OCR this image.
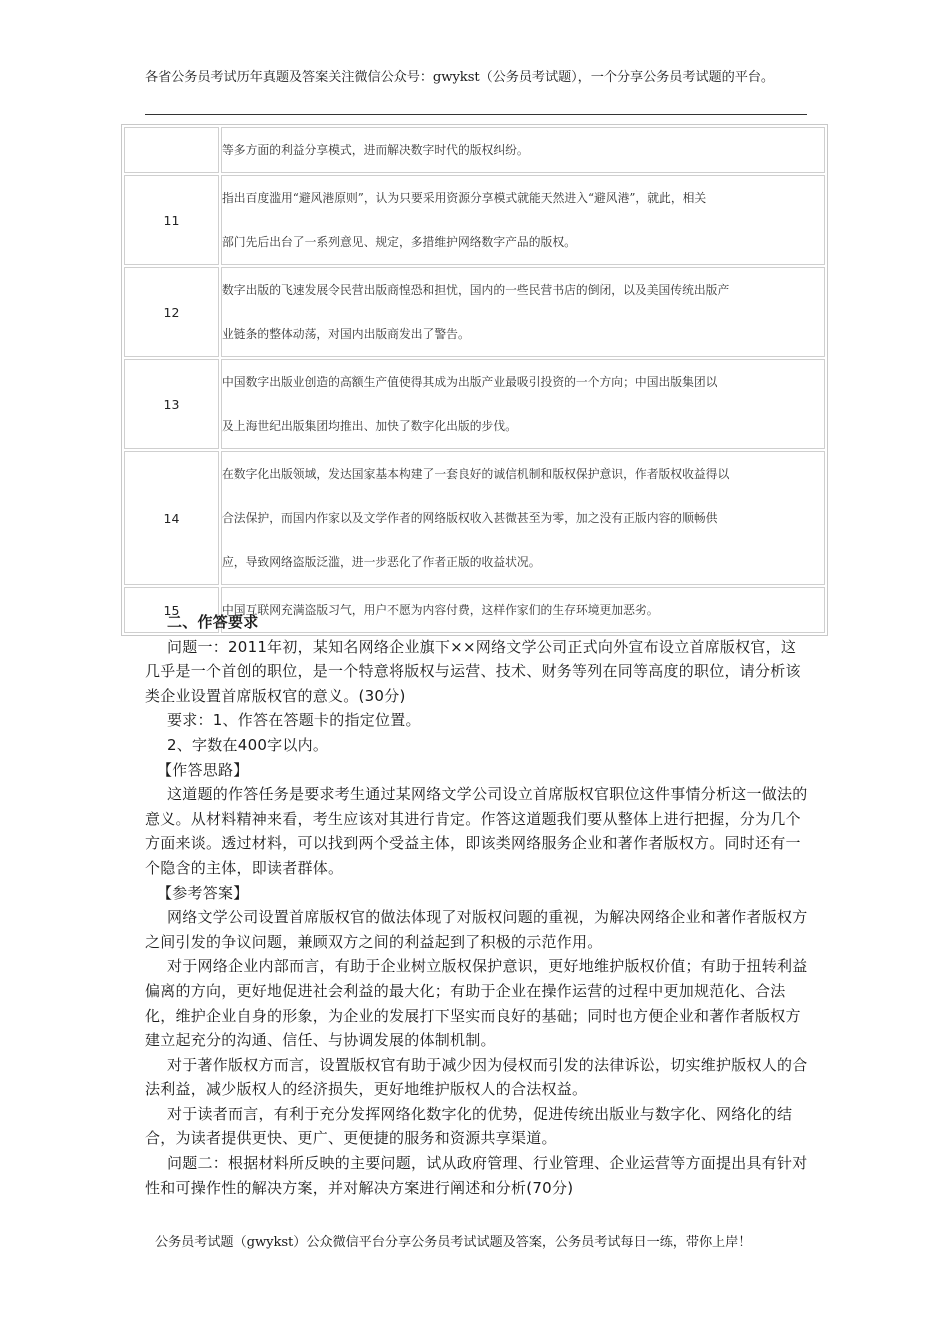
各省公务员考试历年真题及答案关注微信公众号：gwykst（公务员考试题），一个分享公务员考试题的平台。

	等多方面的利益分享模式，进而解决数字时代的版权纠纷。

11	指出百度滥用“避风港原则”，认为只要采用资源分享模式就能天然进入“避风港”，就此，相关
部门先后出台了一系列意见、规定，多措维护网络数字产品的版权。

12	数字出版的飞速发展令民营出版商惶恐和担忧，国内的一些民营书店的倒闭，以及美国传统出版产
业链条的整体动荡，对国内出版商发出了警告。

13	中国数字出版业创造的高额生产值使得其成为出版产业最吸引投资的一个方向；中国出版集团以
及上海世纪出版集团均推出、加快了数字化出版的步伐。

14	在数字化出版领域，发达国家基本构建了一套良好的诚信机制和版权保护意识，作者版权收益得以
合法保护，而国内作家以及文学作者的网络版权收入甚微甚至为零，加之没有正版内容的顺畅供
应，导致网络盗版泛滥，进一步恶化了作者正版的收益状况。

15	中国互联网充满盗版习气，用户不愿为内容付费，这样作家们的生存环境更加恶劣。

二、作答要求

问题一：2011年初，某知名网络企业旗下××网络文学公司正式向外宣布设立首席版权官，这几乎是一个首创的职位，是一个特意将版权与运营、技术、财务等列在同等高度的职位，请分析该类企业设置首席版权官的意义。(30分)

要求：1、作答在答题卡的指定位置。

2、字数在400字以内。

【作答思路】

这道题的作答任务是要求考生通过某网络文学公司设立首席版权官职位这件事情分析这一做法的意义。从材料精神来看，考生应该对其进行肯定。作答这道题我们要从整体上进行把握，分为几个方面来谈。透过材料，可以找到两个受益主体，即该类网络服务企业和著作者版权方。同时还有一个隐含的主体，即读者群体。

【参考答案】

网络文学公司设置首席版权官的做法体现了对版权问题的重视，为解决网络企业和著作者版权方之间引发的争议问题，兼顾双方之间的利益起到了积极的示范作用。

对于网络企业内部而言，有助于企业树立版权保护意识，更好地维护版权价值；有助于扭转利益偏离的方向，更好地促进社会利益的最大化；有助于企业在操作运营的过程中更加规范化、合法化，维护企业自身的形象，为企业的发展打下坚实而良好的基础；同时也方便企业和著作者版权方建立起充分的沟通、信任、与协调发展的体制机制。

对于著作版权方而言，设置版权官有助于减少因为侵权而引发的法律诉讼，切实维护版权人的合法利益，减少版权人的经济损失，更好地维护版权人的合法权益。

对于读者而言，有利于充分发挥网络化数字化的优势，促进传统出版业与数字化、网络化的结合，为读者提供更快、更广、更便捷的服务和资源共享渠道。

问题二：根据材料所反映的主要问题，试从政府管理、行业管理、企业运营等方面提出具有针对性和可操作性的解决方案，并对解决方案进行阐述和分析(70分)

公务员考试题（gwykst）公众微信平台分享公务员考试试题及答案，公务员考试每日一练，带你上岸！
